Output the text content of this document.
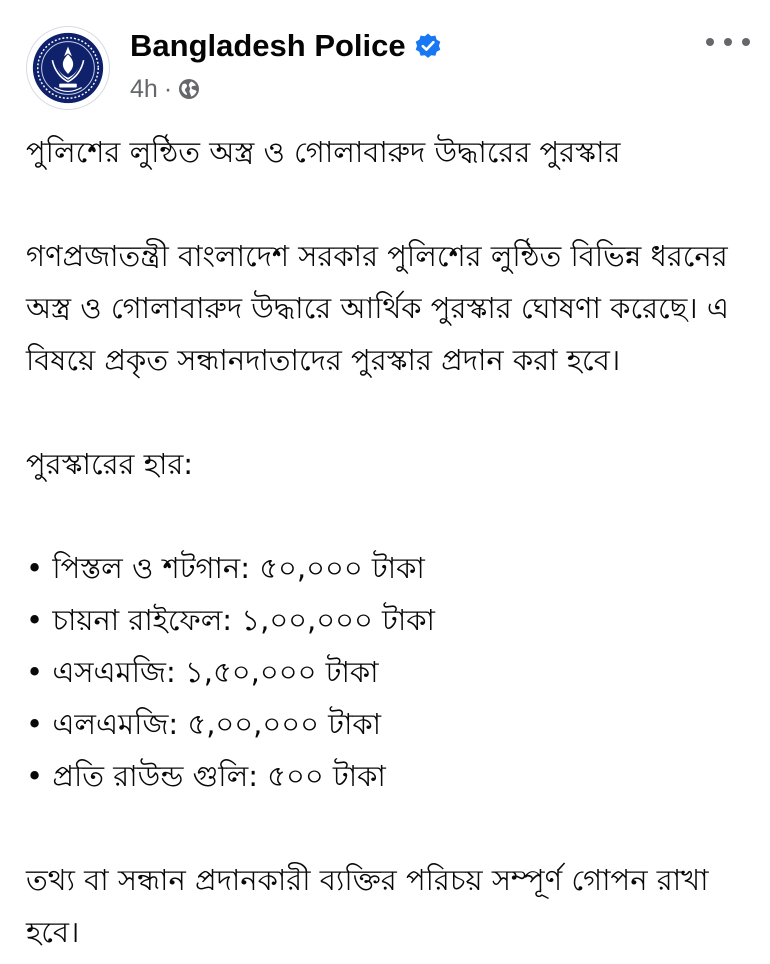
Bangladesh Police
4h ·

পুলিশের লুন্ঠিত অস্ত্র ও গোলাবারুদ উদ্ধারের পুরস্কার

গণপ্রজাতন্ত্রী বাংলাদেশ সরকার পুলিশের লুন্ঠিত বিভিন্ন ধরনের অস্ত্র ও গোলাবারুদ উদ্ধারে আর্থিক পুরস্কার ঘোষণা করেছে। এ বিষয়ে প্রকৃত সন্ধানদাতাদের পুরস্কার প্রদান করা হবে।

পুরস্কারের হার:

• পিস্তল ও শটগান: ৫০,০০০ টাকা
• চায়না রাইফেল: ১,০০,০০০ টাকা
• এসএমজি: ১,৫০,০০০ টাকা
• এলএমজি: ৫,০০,০০০ টাকা
• প্রতি রাউন্ড গুলি: ৫০০ টাকা

তথ্য বা সন্ধান প্রদানকারী ব্যক্তির পরিচয় সম্পূর্ণ গোপন রাখা হবে।
